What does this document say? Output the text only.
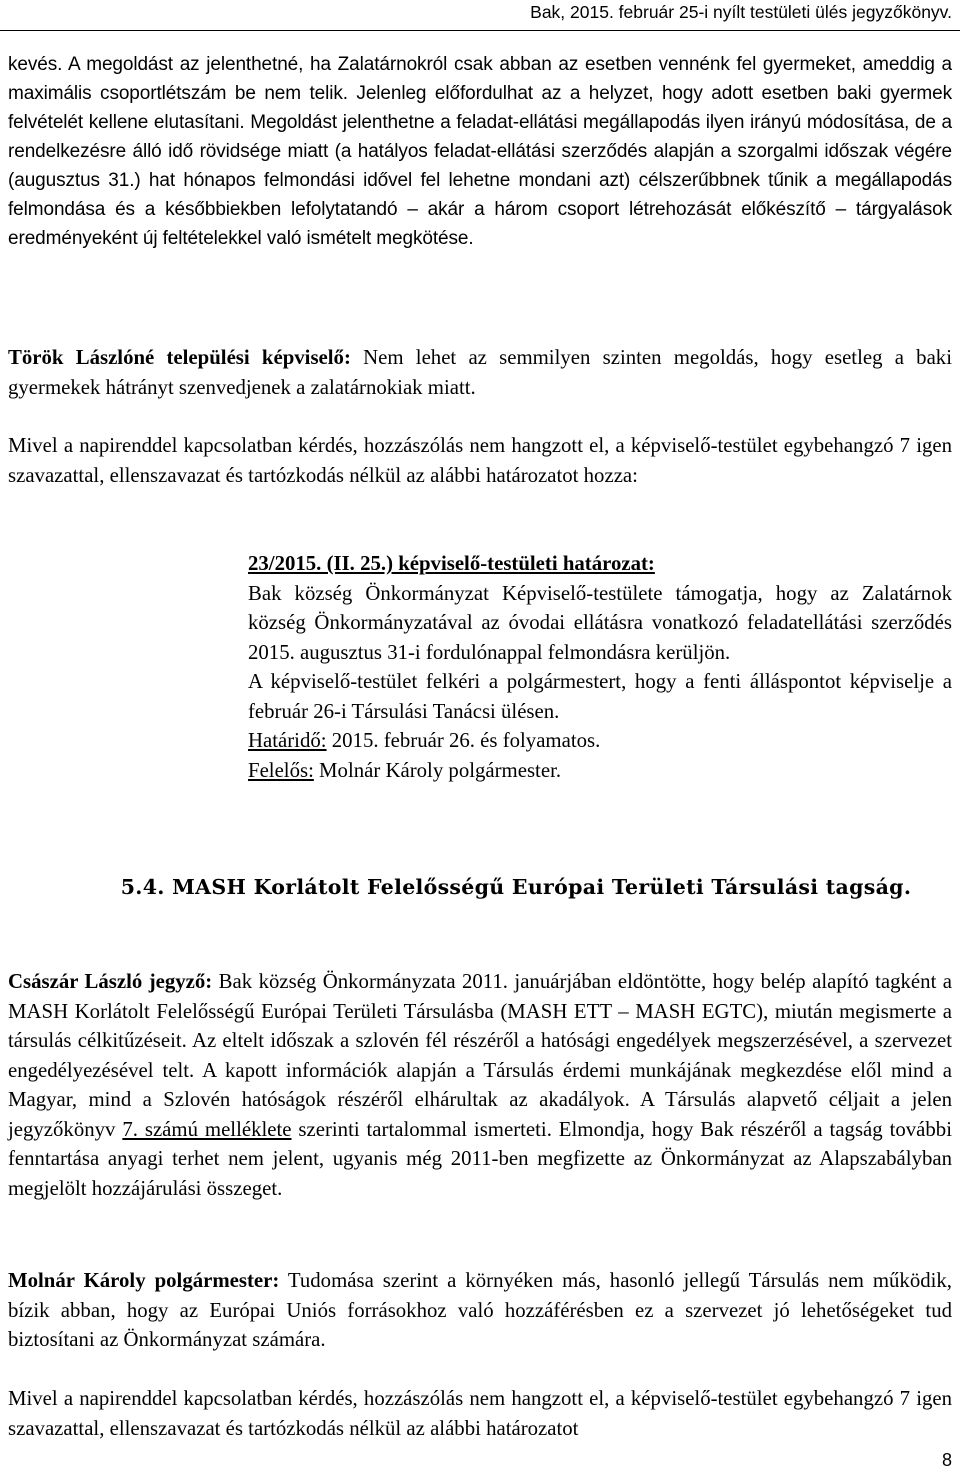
Bak, 2015. február 25-i nyílt testületi ülés jegyzőkönyv.

kevés. A megoldást az jelenthetné, ha Zalatárnokról csak abban az esetben vennénk fel gyermeket, ameddig a maximális csoportlétszám be nem telik. Jelenleg előfordulhat az a helyzet, hogy adott esetben baki gyermek felvételét kellene elutasítani. Megoldást jelenthetne a feladat-ellátási megállapodás ilyen irányú módosítása, de a rendelkezésre álló idő rövidsége miatt (a hatályos feladat-ellátási szerződés alapján a szorgalmi időszak végére (augusztus 31.) hat hónapos felmondási idővel fel lehetne mondani azt) célszerűbbnek tűnik a megállapodás felmondása és a későbbiekben lefolytatandó – akár a három csoport létrehozását előkészítő – tárgyalások eredményeként új feltételekkel való ismételt megkötése.

Török Lászlóné települési képviselő: Nem lehet az semmilyen szinten megoldás, hogy esetleg a baki gyermekek hátrányt szenvedjenek a zalatárnokiak miatt.

Mivel a napirenddel kapcsolatban kérdés, hozzászólás nem hangzott el, a képviselő-testület egybehangzó 7 igen szavazattal, ellenszavazat és tartózkodás nélkül az alábbi határozatot hozza:

23/2015. (II. 25.) képviselő-testületi határozat:
Bak község Önkormányzat Képviselő-testülete támogatja, hogy az Zalatárnok község Önkormányzatával az óvodai ellátásra vonatkozó feladatellátási szerződés 2015. augusztus 31-i fordulónappal felmondásra kerüljön.
A képviselő-testület felkéri a polgármestert, hogy a fenti álláspontot képviselje a február 26-i Társulási Tanácsi ülésen.
Határidő: 2015. február 26. és folyamatos.
Felelős: Molnár Károly polgármester.
5.4. MASH Korlátolt Felelősségű Európai Területi Társulási tagság.

Császár László jegyző: Bak község Önkormányzata 2011. januárjában eldöntötte, hogy belép alapító tagként a MASH Korlátolt Felelősségű Európai Területi Társulásba (MASH ETT – MASH EGTC), miután megismerte a társulás célkitűzéseit. Az eltelt időszak a szlovén fél részéről a hatósági engedélyek megszerzésével, a szervezet engedélyezésével telt. A kapott információk alapján a Társulás érdemi munkájának megkezdése elől mind a Magyar, mind a Szlovén hatóságok részéről elhárultak az akadályok. A Társulás alapvető céljait a jelen jegyzőkönyv 7. számú melléklete szerinti tartalommal ismerteti. Elmondja, hogy Bak részéről a tagság további fenntartása anyagi terhet nem jelent, ugyanis még 2011-ben megfizette az Önkormányzat az Alapszabályban megjelölt hozzájárulási összeget.

Molnár Károly polgármester: Tudomása szerint a környéken más, hasonló jellegű Társulás nem működik, bízik abban, hogy az Európai Uniós forrásokhoz való hozzáférésben ez a szervezet jó lehetőségeket tud biztosítani az Önkormányzat számára.

Mivel a napirenddel kapcsolatban kérdés, hozzászólás nem hangzott el, a képviselő-testület egybehangzó 7 igen szavazattal, ellenszavazat és tartózkodás nélkül az alábbi határozatot

8
